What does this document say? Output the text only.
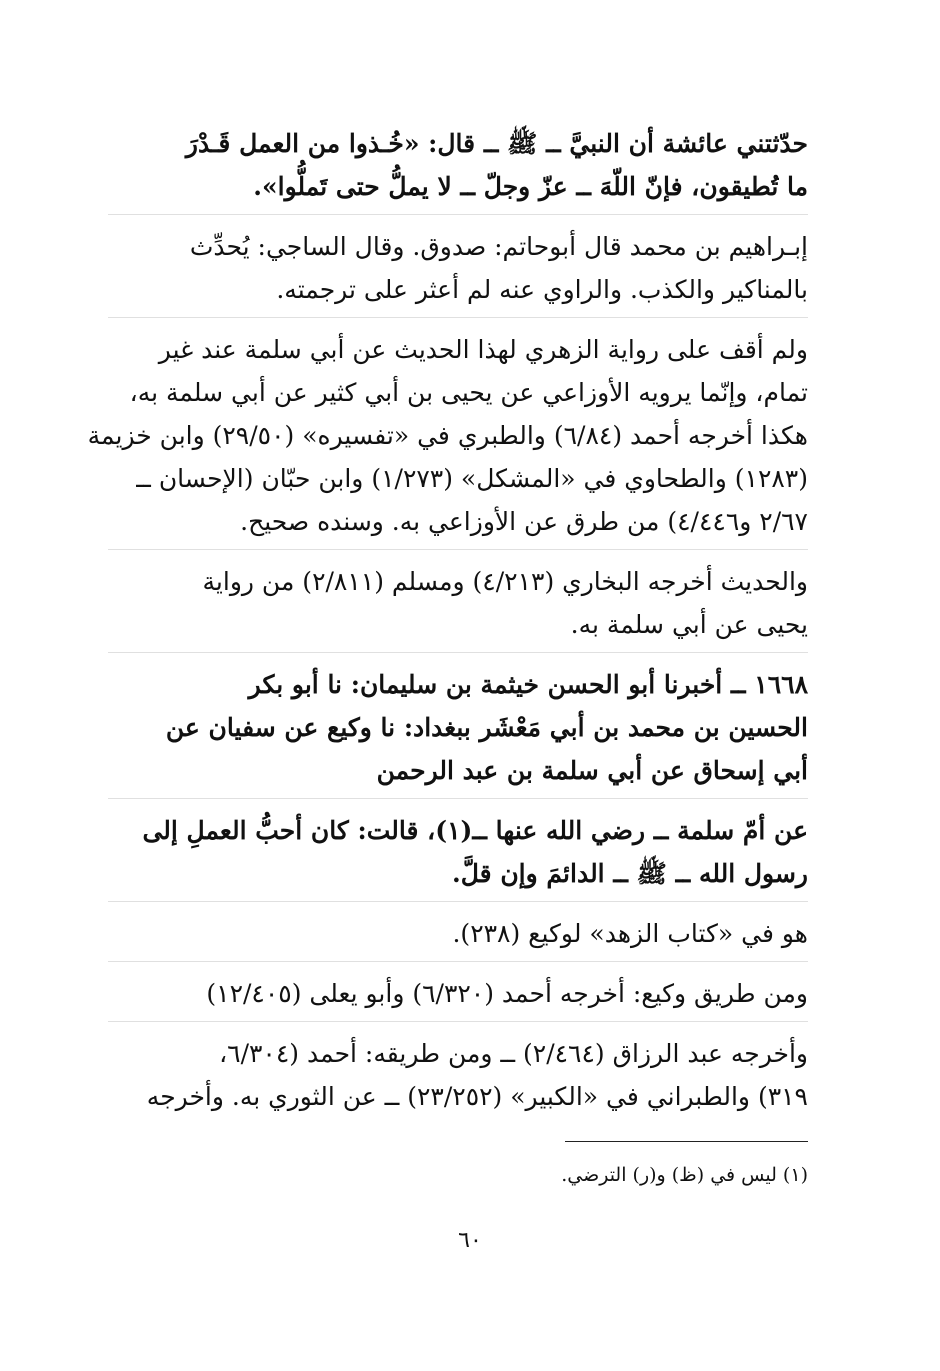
حدّثتني عائشة أن النبيَّ ــ ﷺ ــ قال: «خُـذوا من العمل قَـدْرَ
ما تُطيقون، فإنّ اللّهَ ــ عزّ وجلّ ــ لا يملُّ حتى تَملُّوا».
إبـراهيم بن محمد قال أبوحاتم: صدوق. وقال الساجي: يُحدِّث
بالمناكير والكذب. والراوي عنه لم أعثر على ترجمته.
ولم أقف على رواية الزهري لهذا الحديث عن أبي سلمة عند غير
تمام، وإنّما يرويه الأوزاعي عن يحيى بن أبي كثير عن أبي سلمة به،
هكذا أخرجه أحمد (٦/٨٤) والطبري في «تفسيره» (٢٩/٥٠) وابن خزيمة
(١٢٨٣) والطحاوي في «المشكل» (١/٢٧٣) وابن حبّان (الإحسان ــ
٢/٦٧ و٤/٤٤٦) من طرق عن الأوزاعي به. وسنده صحيح.
والحديث أخرجه البخاري (٤/٢١٣) ومسلم (٢/٨١١) من رواية
يحيى عن أبي سلمة به.
١٦٦٨ ــ أخبرنا أبو الحسن خيثمة بن سليمان: نا أبو بكر
الحسين بن محمد بن أبي مَعْشَر ببغداد: نا وكيع عن سفيان عن
أبي إسحاق عن أبي سلمة بن عبد الرحمن
عن أمّ سلمة ــ رضي الله عنها ــ(١)، قالت: كان أحبُّ العملِ إلى
رسول الله ــ ﷺ ــ الدائمَ وإن قلَّ.
هو في «كتاب الزهد» لوكيع (٢٣٨).
ومن طريق وكيع: أخرجه أحمد (٦/٣٢٠) وأبو يعلى (١٢/٤٠٥)
وأخرجه عبد الرزاق (٢/٤٦٤) ــ ومن طريقه: أحمد (٦/٣٠٤،
٣١٩) والطبراني في «الكبير» (٢٣/٢٥٢) ــ عن الثوري به. وأخرجه
(١) ليس في (ظ) و(ر) الترضي.
٦٠
